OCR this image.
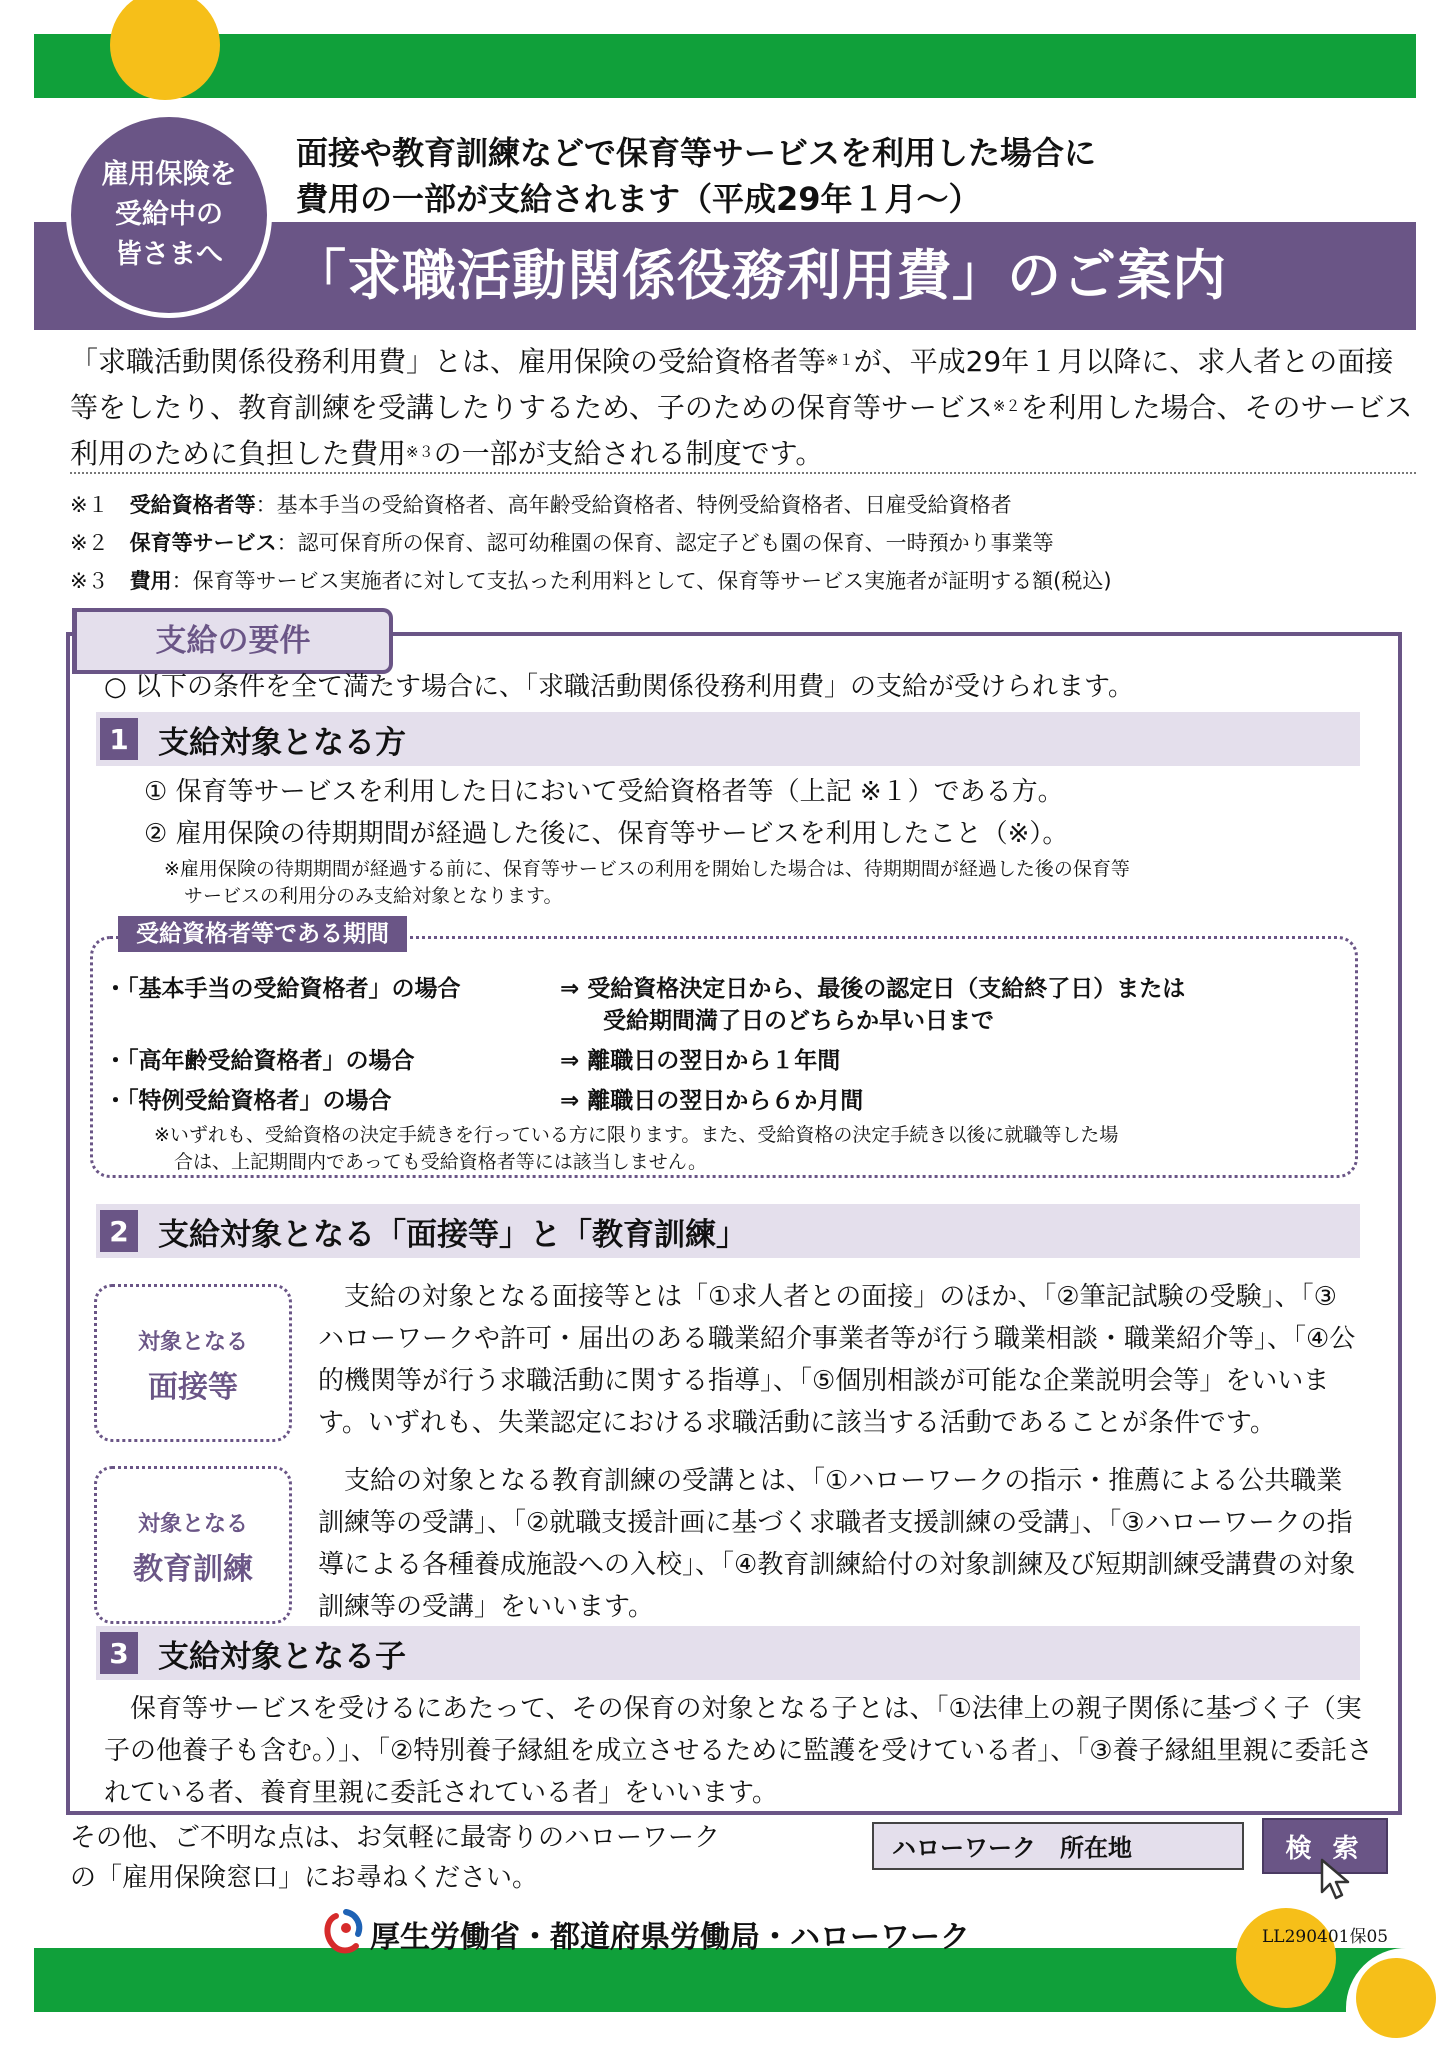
雇用保険を
受給中の
皆さまへ
面接や教育訓練などで保育等サービスを利用した場合に
費用の一部が支給されます（平成29年１月～）
「求職活動関係役務利用費」のご案内
「求職活動関係役務利用費」とは、雇用保険の受給資格者等$^{※1}$が、平成29年１月以降に、求人者との面接等をしたり、教育訓練を受講したりするため、子のための保育等サービス$^{※2}$を利用した場合、そのサービス利用のために負担した費用$^{※3}$の一部が支給される制度です。
※１　 受給資格者等：基本手当の受給資格者、高年齢受給資格者、特例受給資格者、日雇受給資格者
※２　 保育等サービス：認可保育所の保育、認可幼稚園の保育、認定子ども園の保育、一時預かり事業等
※３　 費用：保育等サービス実施者に対して支払った利用料として、保育等サービス実施者が証明する額(税込)
支給の要件
○ 以下の条件を全て満たす場合に、「求職活動関係役務利用費」の支給が受けられます。
1 支給対象となる方
① 保育等サービスを利用した日において受給資格者等（上記 ※１）である方。
② 雇用保険の待期期間が経過した後に、保育等サービスを利用したこと（※）。
※雇用保険の待期期間が経過する前に、保育等サービスの利用を開始した場合は、待期期間が経過した後の保育等
サービスの利用分のみ支給対象となります。
受給資格者等である期間
・「基本手当の受給資格者」の場合	⇒ 受給資格決定日から、最後の認定日（支給終了日）または
受給期間満了日のどちらか早い日まで
・「高年齢受給資格者」の場合	⇒ 離職日の翌日から１年間
・「特例受給資格者」の場合	⇒ 離職日の翌日から６か月間
※いずれも、受給資格の決定手続きを行っている方に限ります。また、受給資格の決定手続き以後に就職等した場
合は、上記期間内であっても受給資格者等には該当しません。
2 支給対象となる「面接等」と「教育訓練」
対象となる
面接等
支給の対象となる面接等とは「①求人者との面接」のほか、「②筆記試験の受験」、「③ハローワークや許可・届出のある職業紹介事業者等が行う職業相談・職業紹介等」、「④公的機関等が行う求職活動に関する指導」、「⑤個別相談が可能な企業説明会等」をいいます。いずれも、失業認定における求職活動に該当する活動であることが条件です。
対象となる
教育訓練
支給の対象となる教育訓練の受講とは、「①ハローワークの指示・推薦による公共職業訓練等の受講」、「②就職支援計画に基づく求職者支援訓練の受講」、「③ハローワークの指導による各種養成施設への入校」、「④教育訓練給付の対象訓練及び短期訓練受講費の対象訓練等の受講」をいいます。
3 支給対象となる子
保育等サービスを受けるにあたって、その保育の対象となる子とは、「①法律上の親子関係に基づく子（実子の他養子も含む。）」、「②特別養子縁組を成立させるために監護を受けている者」、「③養子縁組里親に委託されている者、養育里親に委託されている者」をいいます。
その他、ご不明な点は、お気軽に最寄りのハローワーク
の「雇用保険窓口」にお尋ねください。
ハローワーク　所在地	検 索
厚生労働省・都道府県労働局・ハローワーク	LL290401保05
